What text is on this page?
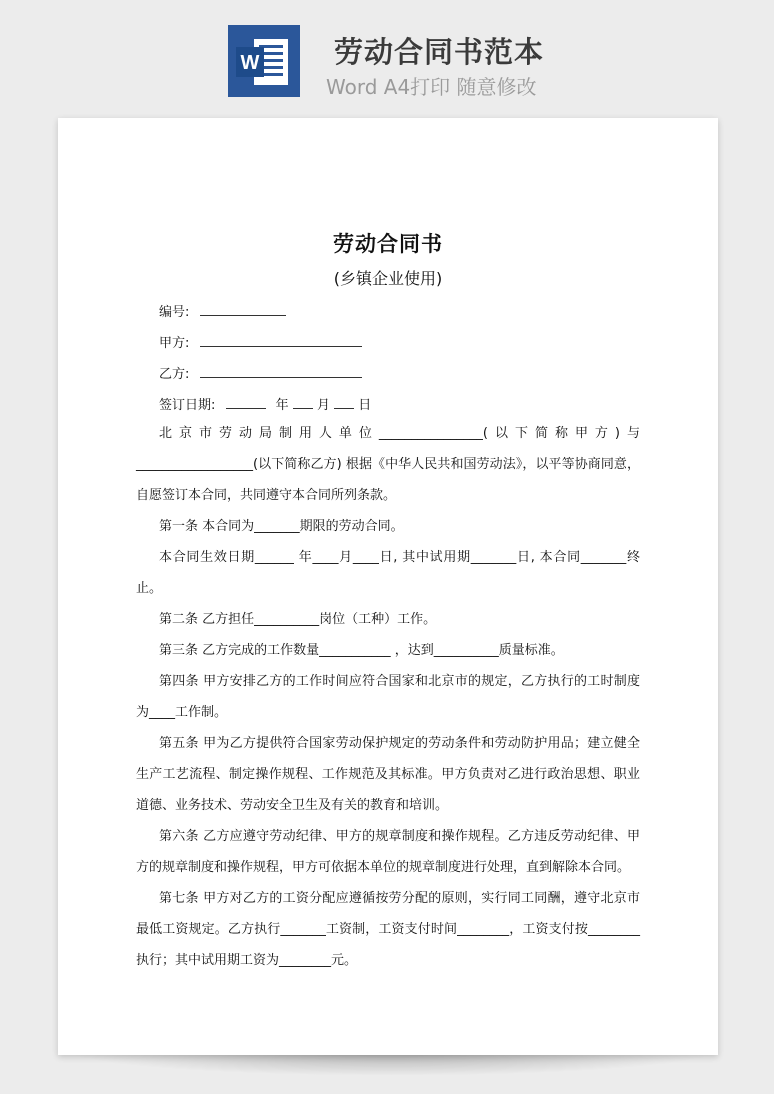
W	劳动合同书范本
Word A4打印 随意修改
劳动合同书
(乡镇企业使用)
编号:
甲方:
乙方:
签订日期:	年 月 日

北京市劳动局制用人单位________________(以下简称甲方)与__________________(以下简称乙方) 根据《中华人民共和国劳动法》，以平等协商同意，自愿签订本合同，共同遵守本合同所列条款。

第一条 本合同为_______期限的劳动合同。

本合同生效日期______ 年____月____日, 其中试用期_______日, 本合同_______终止。

第二条 乙方担任__________岗位（工种）工作。

第三条 乙方完成的工作数量___________ ，达到__________质量标准。

第四条 甲方安排乙方的工作时间应符合国家和北京市的规定，乙方执行的工时制度为____工作制。

第五条 甲为乙方提供符合国家劳动保护规定的劳动条件和劳动防护用品；建立健全生产工艺流程、制定操作规程、工作规范及其标准。甲方负责对乙进行政治思想、职业道德、业务技术、劳动安全卫生及有关的教育和培训。

第六条 乙方应遵守劳动纪律、甲方的规章制度和操作规程。乙方违反劳动纪律、甲方的规章制度和操作规程，甲方可依据本单位的规章制度进行处理，直到解除本合同。

第七条 甲方对乙方的工资分配应遵循按劳分配的原则，实行同工同酬，遵守北京市最低工资规定。乙方执行_______工资制，工资支付时间________，工资支付按________执行；其中试用期工资为________元。
